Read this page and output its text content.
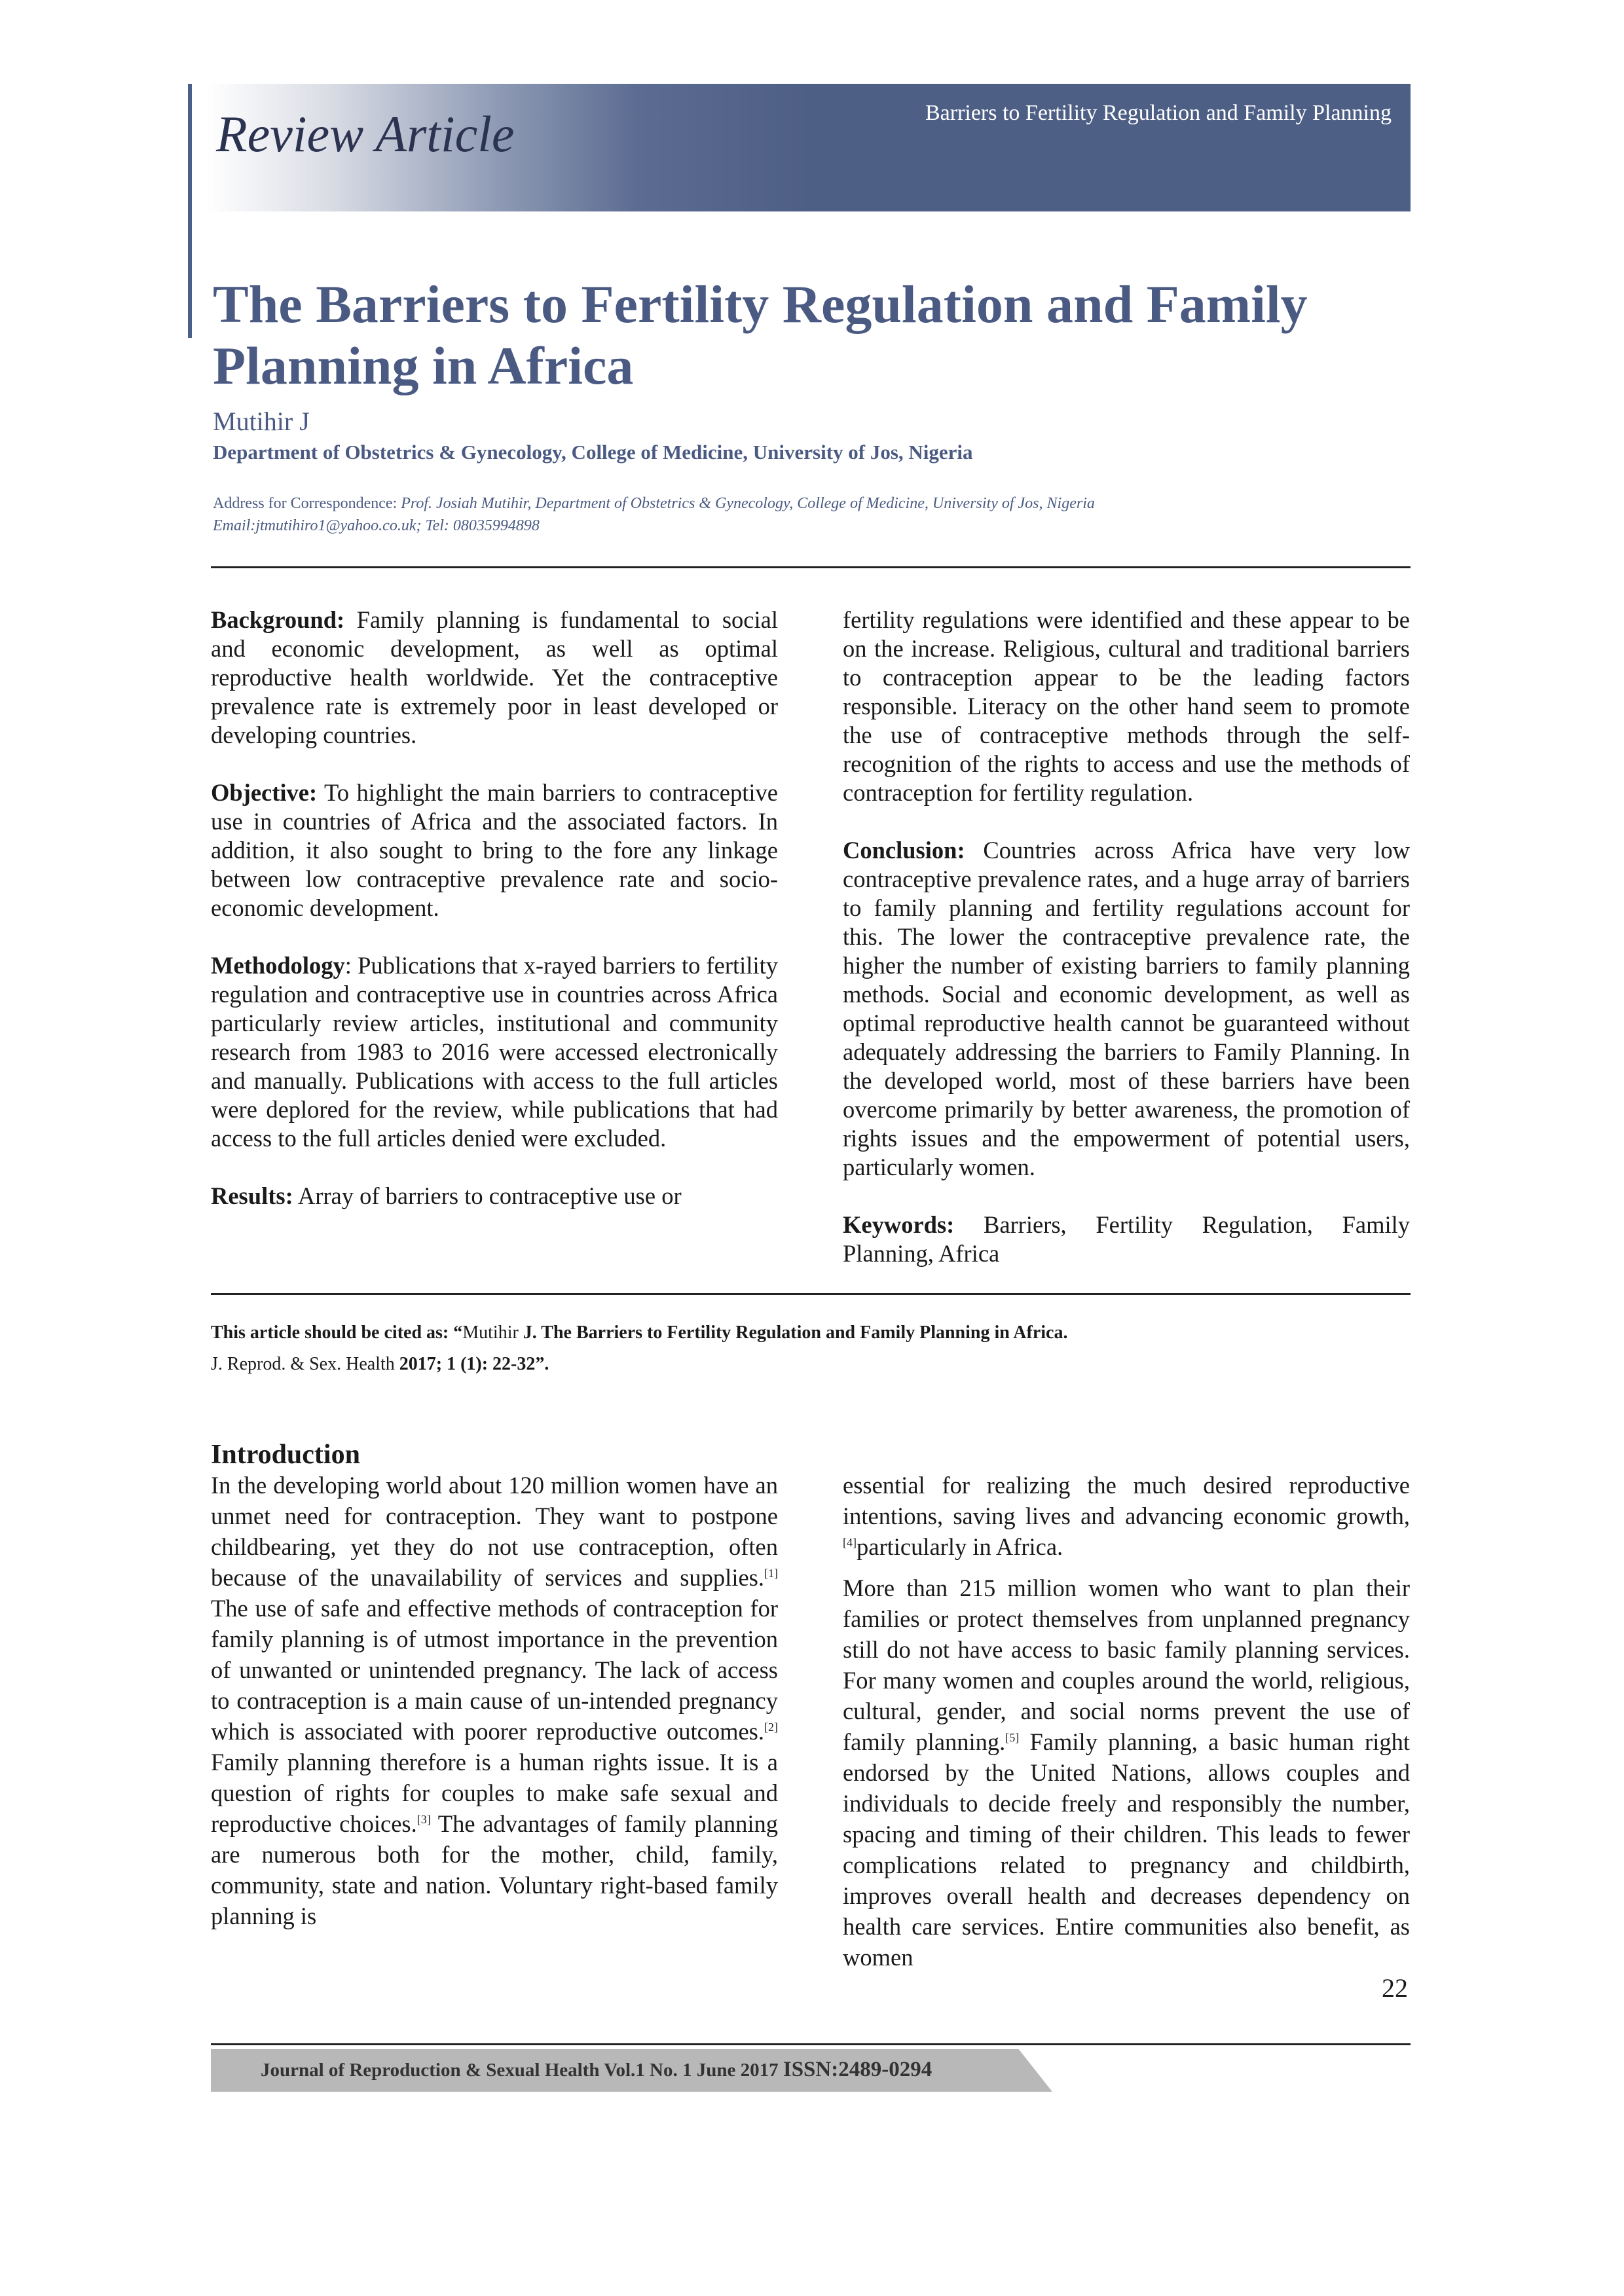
Review Article	Barriers to Fertility Regulation and Family Planning
The Barriers to Fertility Regulation and Family Planning in Africa
Mutihir J
Department of Obstetrics & Gynecology, College of Medicine, University of Jos, Nigeria
Address for Correspondence: Prof. Josiah Mutihir, Department of Obstetrics & Gynecology, College of Medicine, University of Jos, Nigeria
Email:jtmutihiro1@yahoo.co.uk; Tel: 08035994898

Background: Family planning is fundamental to social and economic development, as well as optimal reproductive health worldwide. Yet the contraceptive prevalence rate is extremely poor in least developed or developing countries.

Objective: To highlight the main barriers to contraceptive use in countries of Africa and the associated factors. In addition, it also sought to bring to the fore any linkage between low contraceptive prevalence rate and socio-economic development.

Methodology: Publications that x-rayed barriers to fertility regulation and contraceptive use in countries across Africa particularly review articles, institutional and community research from 1983 to 2016 were accessed electronically and manually. Publications with access to the full articles were deplored for the review, while publications that had access to the full articles denied were excluded.

Results: Array of barriers to contraceptive use or

fertility regulations were identified and these appear to be on the increase. Religious, cultural and traditional barriers to contraception appear to be the leading factors responsible. Literacy on the other hand seem to promote the use of contraceptive methods through the self-recognition of the rights to access and use the methods of contraception for fertility regulation.

Conclusion: Countries across Africa have very low contraceptive prevalence rates, and a huge array of barriers to family planning and fertility regulations account for this. The lower the contraceptive prevalence rate, the higher the number of existing barriers to family planning methods. Social and economic development, as well as optimal reproductive health cannot be guaranteed without adequately addressing the barriers to Family Planning. In the developed world, most of these barriers have been overcome primarily by better awareness, the promotion of rights issues and the empowerment of potential users, particularly women.

Keywords: Barriers, Fertility Regulation, Family Planning, Africa

This article should be cited as: “Mutihir J. The Barriers to Fertility Regulation and Family Planning in Africa.
J. Reprod. & Sex. Health 2017; 1 (1): 22-32”.
Introduction

In the developing world about 120 million women have an unmet need for contraception. They want to postpone childbearing, yet they do not use contraception, often because of the unavailability of services and supplies.[1] The use of safe and effective methods of contraception for family planning is of utmost importance in the prevention of unwanted or unintended pregnancy. The lack of access to contraception is a main cause of un-intended pregnancy which is associated with poorer reproductive outcomes.[2] Family planning therefore is a human rights issue. It is a question of rights for couples to make safe sexual and reproductive choices.[3] The advantages of family planning are numerous both for the mother, child, family, community, state and nation. Voluntary right-based family planning is

essential for realizing the much desired reproductive intentions, saving lives and advancing economic growth,[4]particularly in Africa.

More than 215 million women who want to plan their families or protect themselves from unplanned pregnancy still do not have access to basic family planning services. For many women and couples around the world, religious, cultural, gender, and social norms prevent the use of family planning.[5] Family planning, a basic human right endorsed by the United Nations, allows couples and individuals to decide freely and responsibly the number, spacing and timing of their children. This leads to fewer complications related to pregnancy and childbirth, improves overall health and decreases dependency on health care services. Entire communities also benefit, as women

22
Journal of Reproduction & Sexual Health Vol.1 No. 1 June 2017 ISSN:2489-0294
